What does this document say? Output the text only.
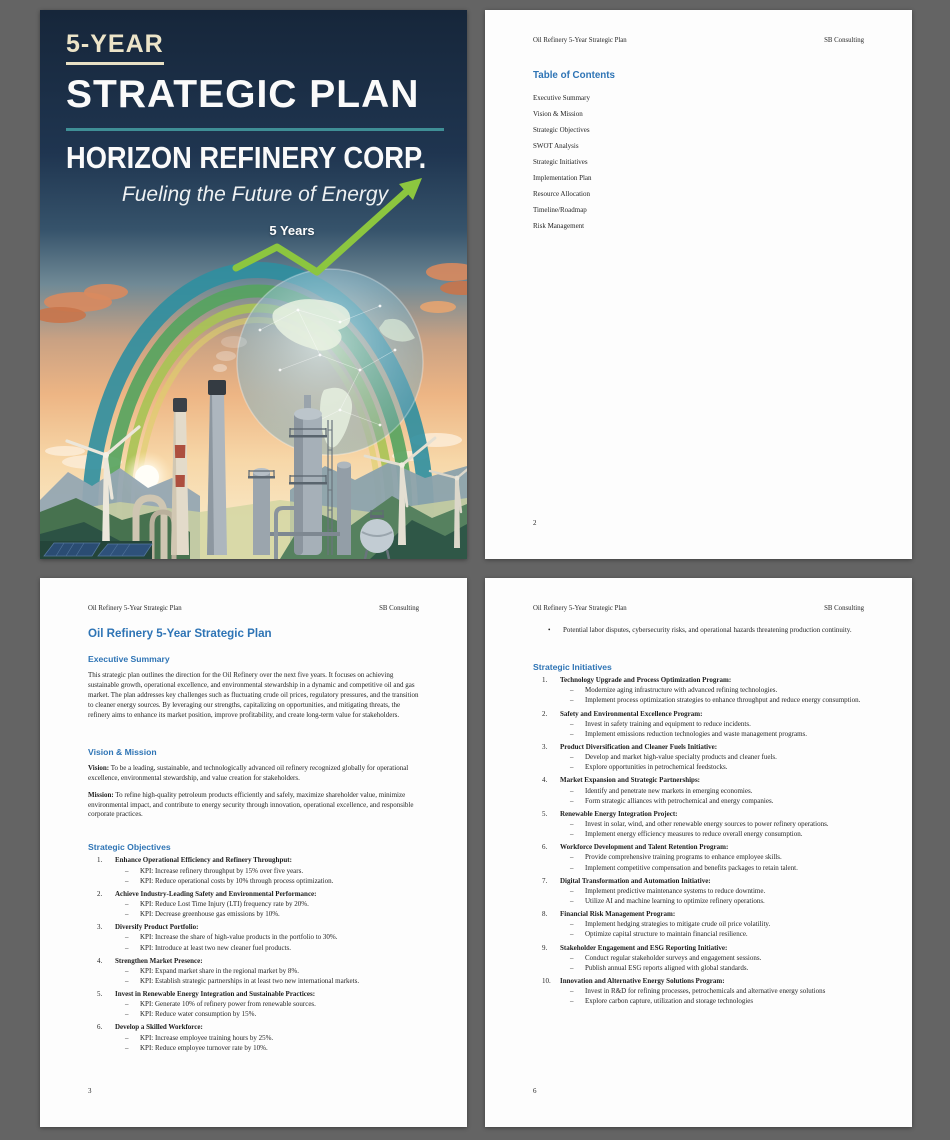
5-YEAR
STRATEGIC PLAN
HORIZON REFINERY CORP.
Fueling the Future of Energy
5 Years
Oil Refinery 5-Year Strategic Plan	SB Consulting
Table of Contents
Executive Summary
Vision & Mission
Strategic Objectives
SWOT Analysis
Strategic Initiatives
Implementation Plan
Resource Allocation
Timeline/Roadmap
Risk Management
2
Oil Refinery 5-Year Strategic Plan	SB Consulting
Oil Refinery 5-Year Strategic Plan
Executive Summary

This strategic plan outlines the direction for the Oil Refinery over the next five years. It focuses on achieving sustainable growth, operational excellence, and environmental stewardship in a dynamic and competitive oil and gas market. The plan addresses key challenges such as fluctuating crude oil prices, regulatory pressures, and the transition to cleaner energy sources. By leveraging our strengths, capitalizing on opportunities, and mitigating threats, the refinery aims to enhance its market position, improve profitability, and create long-term value for stakeholders.

Vision & Mission

Vision: To be a leading, sustainable, and technologically advanced oil refinery recognized globally for operational excellence, environmental stewardship, and value creation for stakeholders.

Mission: To refine high-quality petroleum products efficiently and safely, maximize shareholder value, minimize environmental impact, and contribute to energy security through innovation, operational excellence, and responsible corporate practices.

Strategic Objectives
1. Enhance Operational Efficiency and Refinery Throughput:
– KPI: Increase refinery throughput by 15% over five years.
– KPI: Reduce operational costs by 10% through process optimization.
2. Achieve Industry-Leading Safety and Environmental Performance:
– KPI: Reduce Lost Time Injury (LTI) frequency rate by 20%.
– KPI: Decrease greenhouse gas emissions by 10%.
3. Diversify Product Portfolio:
– KPI: Increase the share of high-value products in the portfolio to 30%.
– KPI: Introduce at least two new cleaner fuel products.
4. Strengthen Market Presence:
– KPI: Expand market share in the regional market by 8%.
– KPI: Establish strategic partnerships in at least two new international markets.
5. Invest in Renewable Energy Integration and Sustainable Practices:
– KPI: Generate 10% of refinery power from renewable sources.
– KPI: Reduce water consumption by 15%.
6. Develop a Skilled Workforce:
– KPI: Increase employee training hours by 25%.
– KPI: Reduce employee turnover rate by 10%.
3
Oil Refinery 5-Year Strategic Plan	SB Consulting
• Potential labor disputes, cybersecurity risks, and operational hazards threatening production continuity.
Strategic Initiatives
1. Technology Upgrade and Process Optimization Program:
– Modernize aging infrastructure with advanced refining technologies.
– Implement process optimization strategies to enhance throughput and reduce energy consumption.
2. Safety and Environmental Excellence Program:
– Invest in safety training and equipment to reduce incidents.
– Implement emissions reduction technologies and waste management programs.
3. Product Diversification and Cleaner Fuels Initiative:
– Develop and market high-value specialty products and cleaner fuels.
– Explore opportunities in petrochemical feedstocks.
4. Market Expansion and Strategic Partnerships:
– Identify and penetrate new markets in emerging economies.
– Form strategic alliances with petrochemical and energy companies.
5. Renewable Energy Integration Project:
– Invest in solar, wind, and other renewable energy sources to power refinery operations.
– Implement energy efficiency measures to reduce overall energy consumption.
6. Workforce Development and Talent Retention Program:
– Provide comprehensive training programs to enhance employee skills.
– Implement competitive compensation and benefits packages to retain talent.
7. Digital Transformation and Automation Initiative:
– Implement predictive maintenance systems to reduce downtime.
– Utilize AI and machine learning to optimize refinery operations.
8. Financial Risk Management Program:
– Implement hedging strategies to mitigate crude oil price volatility.
– Optimize capital structure to maintain financial resilience.
9. Stakeholder Engagement and ESG Reporting Initiative:
– Conduct regular stakeholder surveys and engagement sessions.
– Publish annual ESG reports aligned with global standards.
10. Innovation and Alternative Energy Solutions Program:
– Invest in R&D for refining processes, petrochemicals and alternative energy solutions
– Explore carbon capture, utilization and storage technologies
6
